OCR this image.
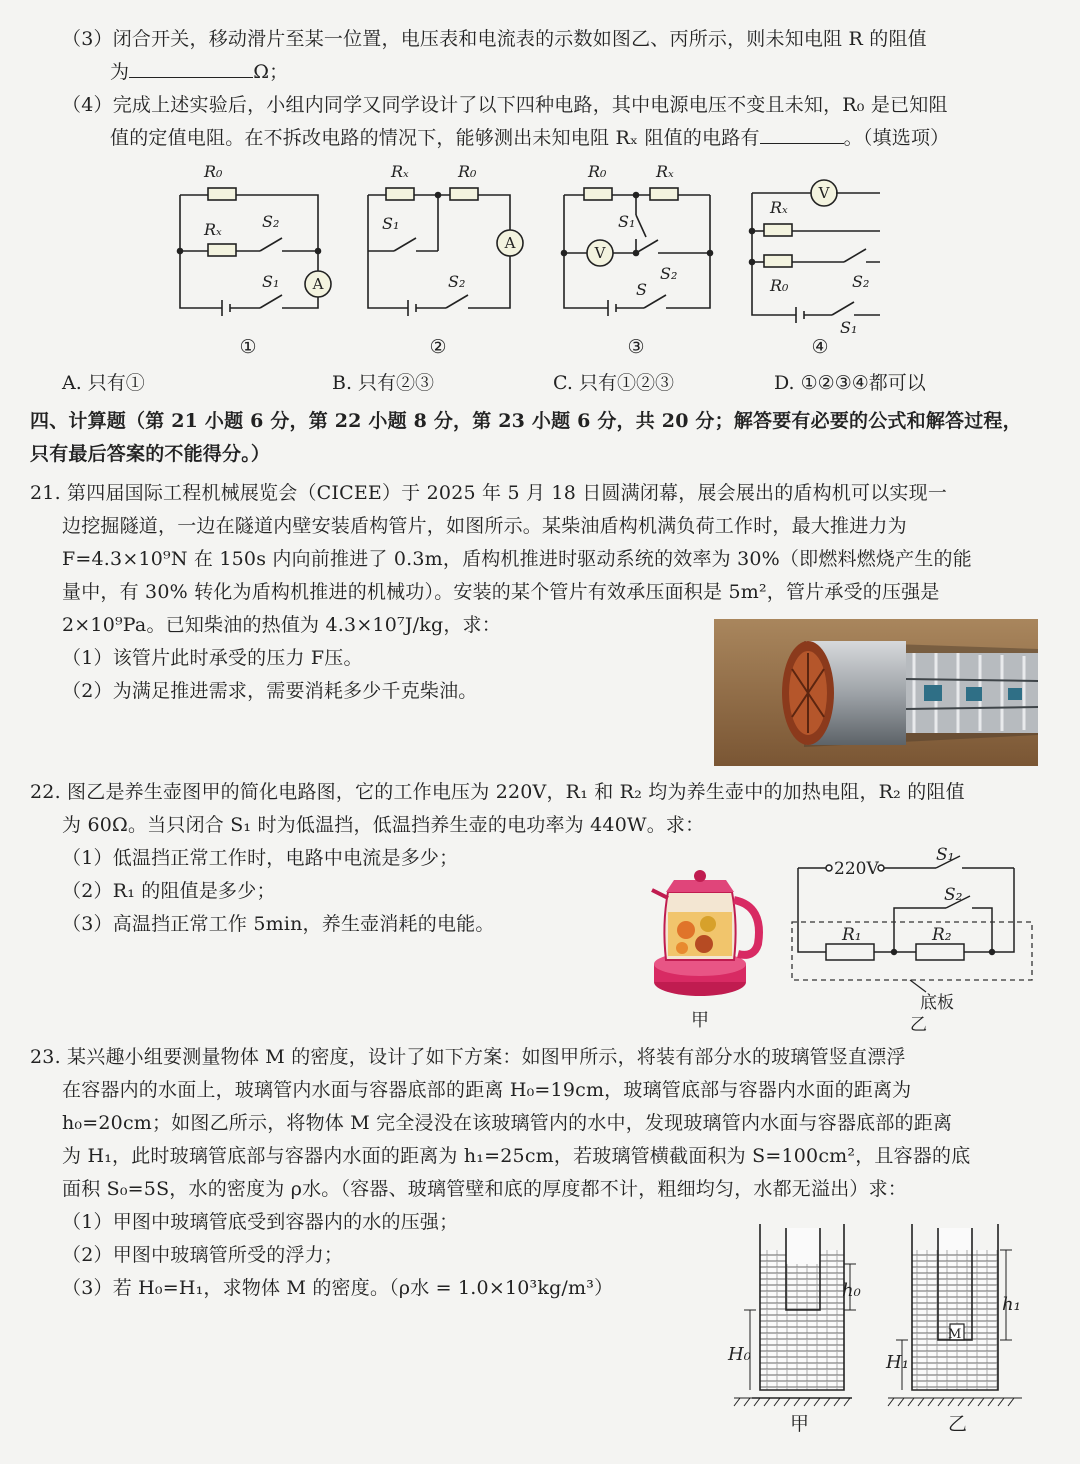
（3）闭合开关，移动滑片至某一位置，电压表和电流表的示数如图乙、丙所示，则未知电阻 R 的阻值
为	Ω；
（4）完成上述实验后，小组内同学又同学设计了以下四种电路，其中电源电压不变且未知，R₀ 是已知阻
值的定值电阻。在不拆改电路的情况下，能够测出未知电阻 Rₓ 阻值的电路有	。（填选项）
R₀
Rₓ	S₂
S₁
Rₓ	R₀
S₁
S₂
R₀	Rₓ
S₁
S₂
S
Rₓ
R₀	S₂
S₁
A
A
V
V
①	②	③	④
A. 只有①	B. 只有②③	C. 只有①②③	D. ①②③④都可以
四、计算题（第 21 小题 6 分，第 22 小题 8 分，第 23 小题 6 分，共 20 分；解答要有必要的公式和解答过程，
只有最后答案的不能得分。）
21. 第四届国际工程机械展览会（CICEE）于 2025 年 5 月 18 日圆满闭幕，展会展出的盾构机可以实现一
边挖掘隧道，一边在隧道内壁安装盾构管片，如图所示。某柴油盾构机满负荷工作时，最大推进力为
F=4.3×10⁹N 在 150s 内向前推进了 0.3m，盾构机推进时驱动系统的效率为 30%（即燃料燃烧产生的能
量中，有 30% 转化为盾构机推进的机械功）。安装的某个管片有效承压面积是 5m²，管片承受的压强是
2×10⁹Pa。已知柴油的热值为 4.3×10⁷J/kg，求：
（1）该管片此时承受的压力 F压。
（2）为满足推进需求，需要消耗多少千克柴油。
22. 图乙是养生壶图甲的简化电路图，它的工作电压为 220V，R₁ 和 R₂ 均为养生壶中的加热电阻，R₂ 的阻值
为 60Ω。当只闭合 S₁ 时为低温挡，低温挡养生壶的电功率为 440W。求：
（1）低温挡正常工作时，电路中电流是多少；
（2）R₁ 的阻值是多少；
（3）高温挡正常工作 5min，养生壶消耗的电能。
甲
220V
S₁
S₂
R₁	R₂
底板
乙
23. 某兴趣小组要测量物体 M 的密度，设计了如下方案：如图甲所示，将装有部分水的玻璃管竖直漂浮
在容器内的水面上，玻璃管内水面与容器底部的距离 H₀=19cm，玻璃管底部与容器内水面的距离为
h₀=20cm；如图乙所示，将物体 M 完全浸没在该玻璃管内的水中，发现玻璃管内水面与容器底部的距离
为 H₁，此时玻璃管底部与容器内水面的距离为 h₁=25cm，若玻璃管横截面积为 S=100cm²，且容器的底
面积 S₀=5S，水的密度为 ρ水。（容器、玻璃管壁和底的厚度都不计，粗细均匀，水都无溢出）求：
（1）甲图中玻璃管底受到容器内的水的压强；
（2）甲图中玻璃管所受的浮力；
（3）若 H₀=H₁，求物体 M 的密度。（ρ水 = 1.0×10³kg/m³）
H₀
h₀
甲
M
H₁
h₁
乙
